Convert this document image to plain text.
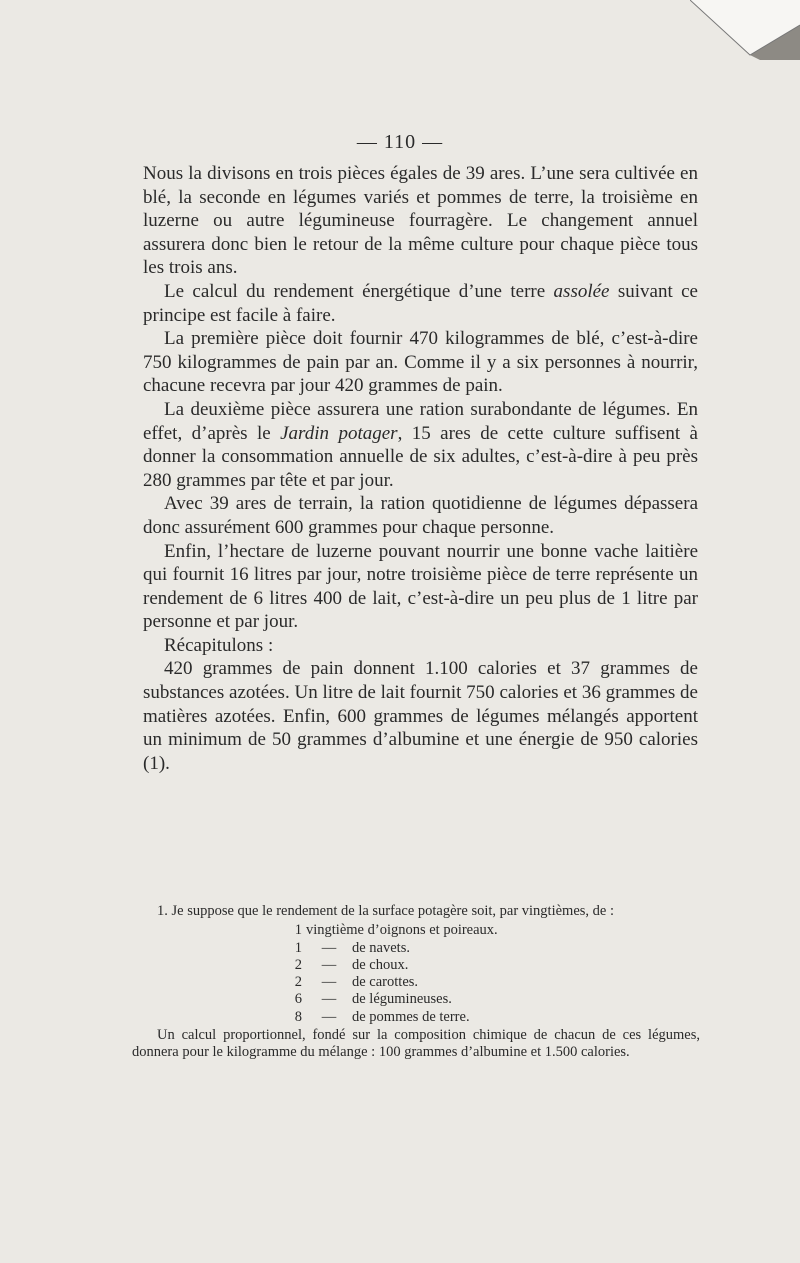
— 110 —

Nous la divisons en trois pièces égales de 39 ares. L’une sera cultivée en blé, la seconde en légumes variés et pommes de terre, la troisième en luzerne ou autre légumineuse fourragère. Le changement annuel assurera donc bien le retour de la même culture pour chaque pièce tous les trois ans.

Le calcul du rendement énergétique d’une terre assolée suivant ce principe est facile à faire.

La première pièce doit fournir 470 kilogrammes de blé, c’est-à-dire 750 kilogrammes de pain par an. Comme il y a six personnes à nourrir, chacune recevra par jour 420 grammes de pain.

La deuxième pièce assurera une ration surabondante de légumes. En effet, d’après le Jardin potager, 15 ares de cette culture suffisent à donner la consommation annuelle de six adultes, c’est-à-dire à peu près 280 grammes par tête et par jour.

Avec 39 ares de terrain, la ration quotidienne de légumes dépassera donc assurément 600 grammes pour chaque personne.

Enfin, l’hectare de luzerne pouvant nourrir une bonne vache laitière qui fournit 16 litres par jour, notre troisième pièce de terre représente un rendement de 6 litres 400 de lait, c’est-à-dire un peu plus de 1 litre par personne et par jour.

Récapitulons :

420 grammes de pain donnent 1.100 calories et 37 grammes de substances azotées. Un litre de lait fournit 750 calories et 36 grammes de matières azotées. Enfin, 600 grammes de légumes mélangés apportent un minimum de 50 grammes d’albumine et une énergie de 950 calories (1).

1. Je suppose que le rendement de la surface potagère soit, par vingtièmes, de :

1 vingtième d’oignons et poireaux.
1	—	de navets.
2	—	de choux.
2	—	de carottes.
6	—	de légumineuses.
8	—	de pommes de terre.

Un calcul proportionnel, fondé sur la composition chimique de chacun de ces légumes, donnera pour le kilogramme du mélange : 100 grammes d’albumine et 1.500 calories.
